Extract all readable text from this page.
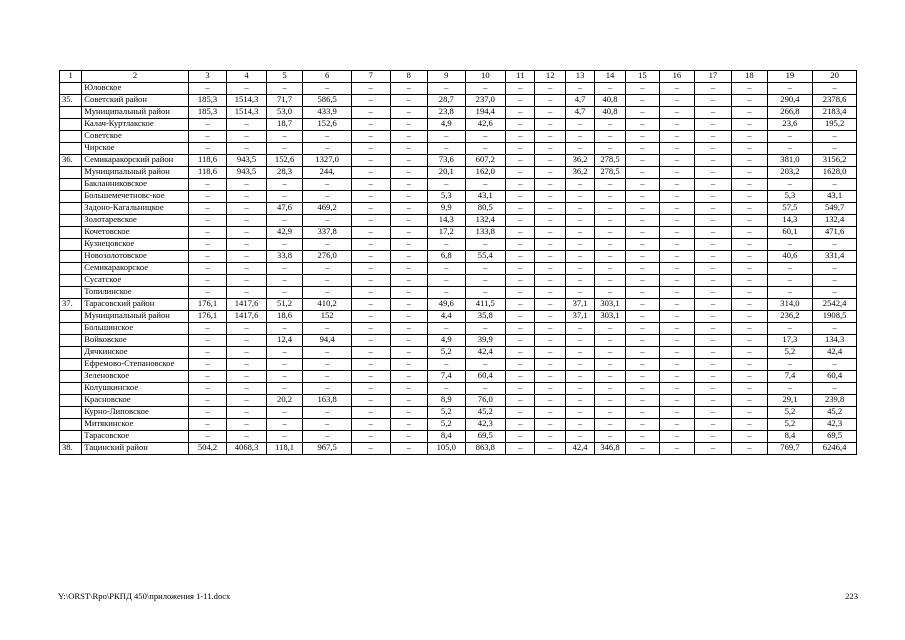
1	2	3	4	5	6	7	8	9	10	11	12	13	14	15	16	17	18	19	20
	Юловское	–	–	–	–	–	–	–	–	–	–	–	–	–	–	–	–	–	–
35.	Советский район	185,3	1514,3	71,7	586,5	–	–	28,7	237,0	–	–	4,7	40,8	–	–	–	–	290,4	2378,6
	Муниципальный район	185,3	1514,3	53,0	433,9	–	–	23,8	194,4	–	–	4,7	40,8	–	–	–	–	266,8	2183,4
	Калач-Куртлакское	–	–	18,7	152,6	–	–	4,9	42,6	–	–	–	–	–	–	–	–	23,6	195,2
	Советское	–	–	–	–	–	–	–	–	–	–	–	–	–	–	–	–	–	–
	Чирское	–	–	–	–	–	–	–	–	–	–	–	–	–	–	–	–	–	–
36.	Семикаракорский район	118,6	943,5	152,6	1327,0	–	–	73,6	607,2	–	–	36,2	278,5	–	–	–	–	381,0	3156,2
	Муниципальный район	118,6	943,5	28,3	244,	–	–	20,1	162,0	–	–	36,2	278,5	–	–	–	–	203,2	1628,0
	Бакланниковское	–	–	–	–	–	–	–	–	–	–	–	–	–	–	–	–	–	–
	Большемечетновс-кое	–	–	–	–	–	–	5,3	43,1	–	–	–	–	–	–	–	–	5,3	43,1
	Задоно-Кагальницкое	–	–	47,6	469,2	–	–	9,9	80,5	–	–	–	–	–	–	–	–	57,5	549,7
	Золотаревское	–	–	–	–	–	–	14,3	132,4	–	–	–	–	–	–	–	–	14,3	132,4
	Кочетовское	–	–	42,9	337,8	–	–	17,2	133,8	–	–	–	–	–	–	–	–	60,1	471,6
	Кузнецовское	–	–	–	–	–	–	–	–	–	–	–	–	–	–	–	–	–	–
	Новозолотовское	–	–	33,8	276,0	–	–	6,8	55,4	–	–	–	–	–	–	–	–	40,6	331,4
	Семикаракорское	–	–	–	–	–	–	–	–	–	–	–	–	–	–	–	–	–	–
	Сусатское	–	–	–	–	–	–	–	–	–	–	–	–	–	–	–	–	–	–
	Топилинское	–	–	–	–	–	–	–	–	–	–	–	–	–	–	–	–	–	–
37.	Тарасовский район	176,1	1417,6	51,2	410,2	–	–	49,6	411,5	–	–	37,1	303,1	–	–	–	–	314,0	2542,4
	Муниципальный район	176,1	1417,6	18,6	152	–	–	4,4	35,8	–	–	37,1	303,1	–	–	–	–	236,2	1908,5
	Большинское	–	–	–	–	–	–	–	–	–	–	–	–	–	–	–	–	–	–
	Войковское	–	–	12,4	94,4	–	–	4,9	39,9	–	–	–	–	–	–	–	–	17,3	134,3
	Дячкинское	–	–	–	–	–	–	5,2	42,4	–	–	–	–	–	–	–	–	5,2	42,4
	Ефремово-Степановское	–	–	–	–	–	–	–	–	–	–	–	–	–	–	–	–	–	–
	Зеленовское	–	–	–	–	–	–	7,4	60,4	–	–	–	–	–	–	–	–	7,4	60,4
	Колушкинское	–	–	–	–	–	–	–	–	–	–	–	–	–	–	–	–	–	–
	Красновское	–	–	20,2	163,8	–	–	8,9	76,0	–	–	–	–	–	–	–	–	29,1	239,8
	Курно-Липовское	–	–	–	–	–	–	5,2	45,2	–	–	–	–	–	–	–	–	5,2	45,2
	Митякинское	–	–	–	–	–	–	5,2	42,3	–	–	–	–	–	–	–	–	5,2	42,3
	Тарасовское	–	–	–	–	–	–	8,4	69,5	–	–	–	–	–	–	–	–	8,4	69,5
38.	Тацинский район	504,2	4068,3	118,1	967,5	–	–	105,0	863,8	–	–	42,4	346,8	–	–	–	–	769,7	6246,4
Y:\ORST\Rpo\РКПД 450\приложения 1-11.docx	223
